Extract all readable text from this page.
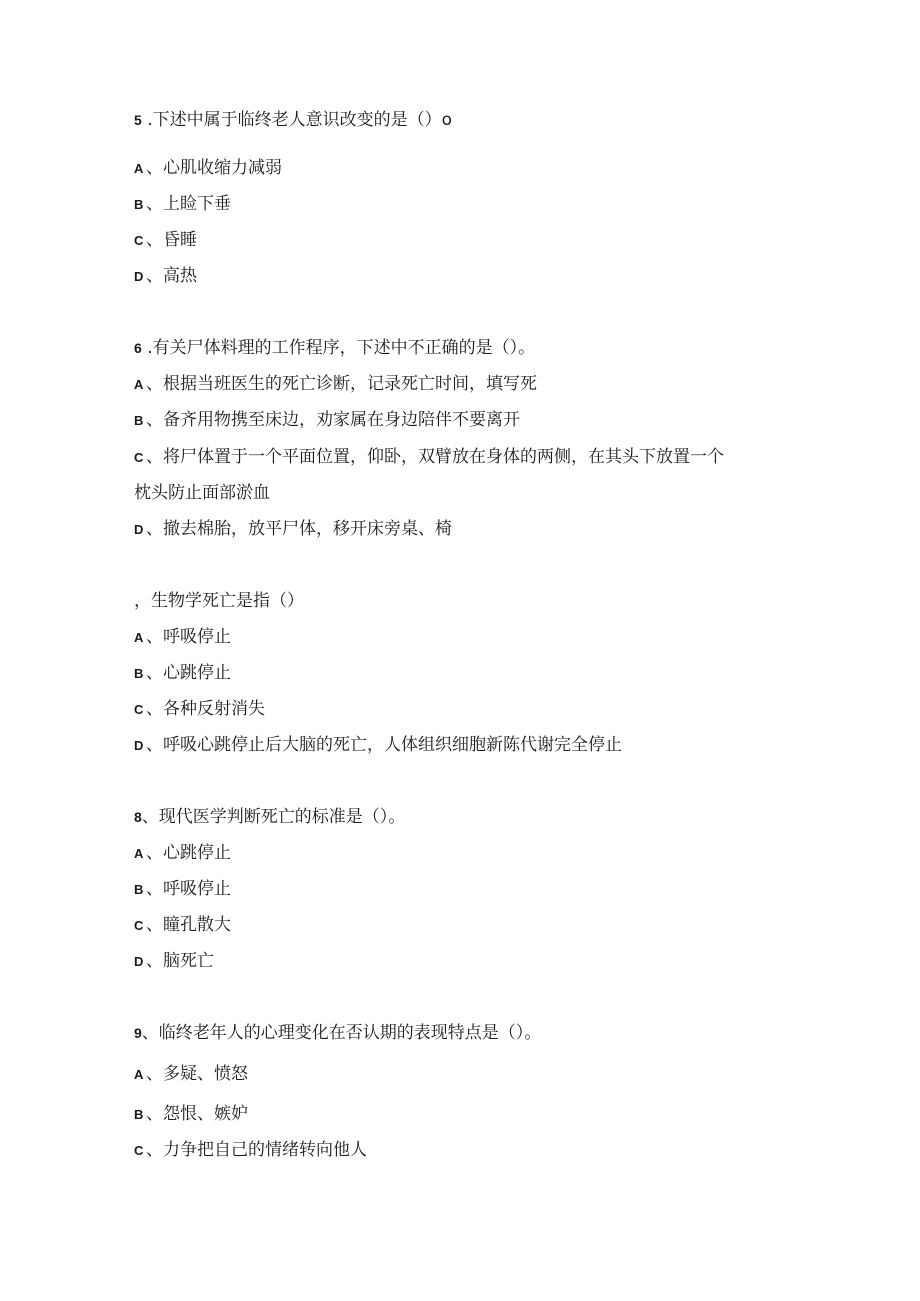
5 .下述中属于临终老人意识改变的是（）o
A 、心肌收缩力减弱
B 、上睑下垂
C 、昏睡
D 、高热
6 .有关尸体料理的工作程序，下述中不正确的是（）。
A 、根据当班医生的死亡诊断，记录死亡时间，填写死
B 、备齐用物携至床边，劝家属在身边陪伴不要离开
C 、将尸体置于一个平面位置，仰卧，双臂放在身体的两侧，在其头下放置一个
枕头防止面部淤血
D 、撤去棉胎，放平尸体，移开床旁桌、椅
，生物学死亡是指（）
A 、呼吸停止
B 、心跳停止
C 、各种反射消失
D 、呼吸心跳停止后大脑的死亡，人体组织细胞新陈代谢完全停止
8、现代医学判断死亡的标准是（）。
A 、心跳停止
B 、呼吸停止
C 、瞳孔散大
D 、脑死亡
9、临终老年人的心理变化在否认期的表现特点是（）。
A 、多疑、愤怒
B 、怨恨、嫉妒
C 、力争把自己的情绪转向他人
